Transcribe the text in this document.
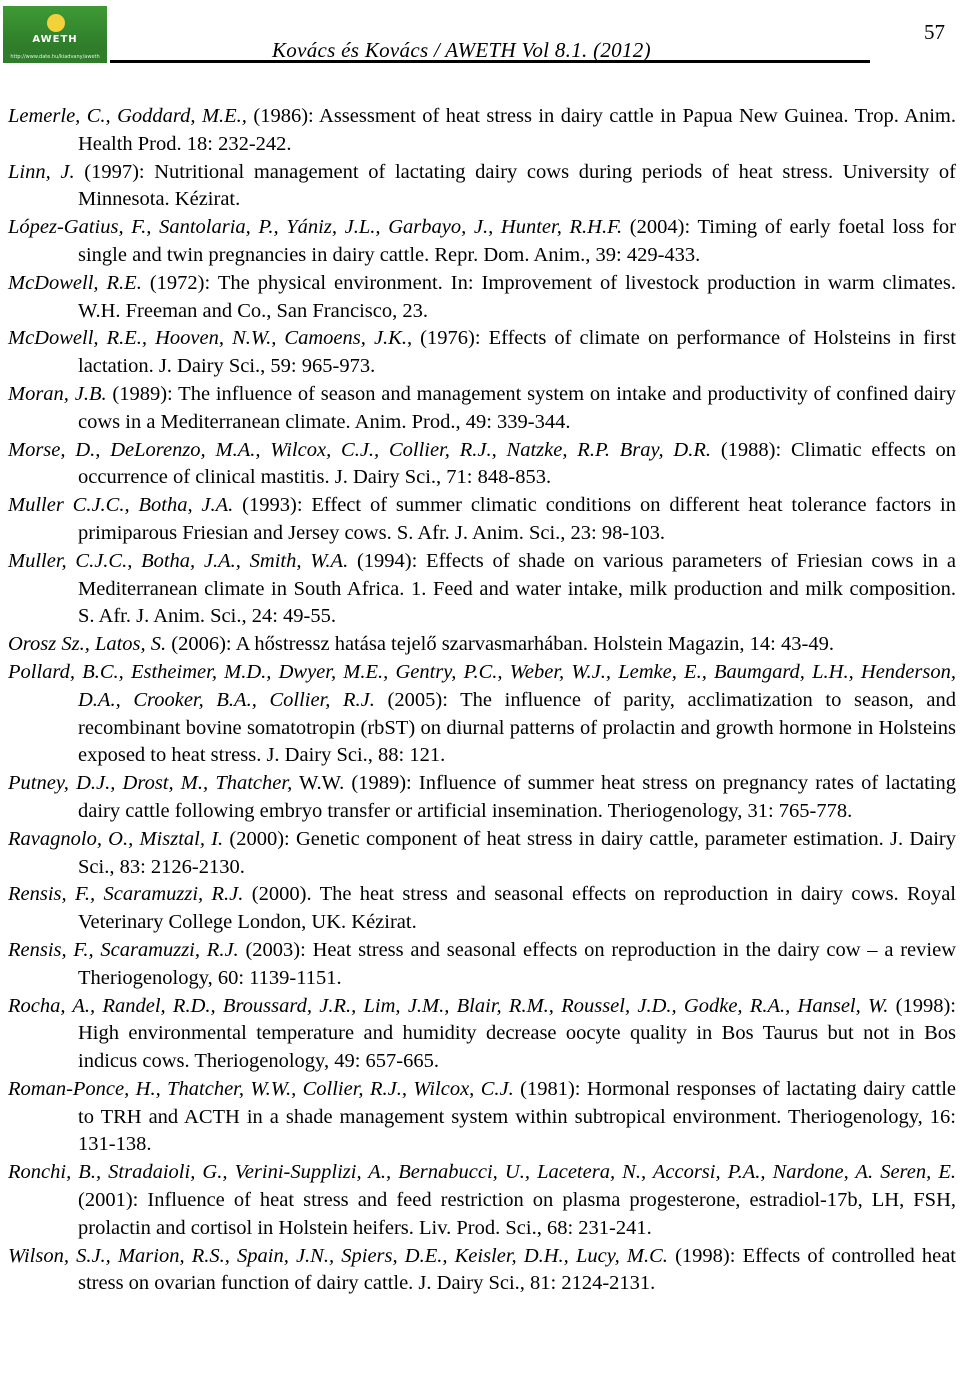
AWETH
http://www.date.hu/kiadvany/aweth	Kovács és Kovács / AWETH Vol 8.1. (2012)
57

Lemerle, C., Goddard, M.E., (1986): Assessment of heat stress in dairy cattle in Papua New Guinea. Trop. Anim. Health Prod. 18: 232-242.

Linn, J. (1997): Nutritional management of lactating dairy cows during periods of heat stress. University of Minnesota. Kézirat.

López-Gatius, F., Santolaria, P., Yániz, J.L., Garbayo, J., Hunter, R.H.F. (2004): Timing of early foetal loss for single and twin pregnancies in dairy cattle. Repr. Dom. Anim., 39: 429-433.

McDowell, R.E. (1972): The physical environment. In: Improvement of livestock production in warm climates. W.H. Freeman and Co., San Francisco, 23.

McDowell, R.E., Hooven, N.W., Camoens, J.K., (1976): Effects of climate on performance of Holsteins in first lactation. J. Dairy Sci., 59: 965-973.

Moran, J.B. (1989): The influence of season and management system on intake and productivity of confined dairy cows in a Mediterranean climate. Anim. Prod., 49: 339-344.

Morse, D., DeLorenzo, M.A., Wilcox, C.J., Collier, R.J., Natzke, R.P. Bray, D.R. (1988): Climatic effects on occurrence of clinical mastitis. J. Dairy Sci., 71: 848-853.

Muller C.J.C., Botha, J.A. (1993): Effect of summer climatic conditions on different heat tolerance factors in primiparous Friesian and Jersey cows. S. Afr. J. Anim. Sci., 23: 98-103.

Muller, C.J.C., Botha, J.A., Smith, W.A. (1994): Effects of shade on various parameters of Friesian cows in a Mediterranean climate in South Africa. 1. Feed and water intake, milk production and milk composition. S. Afr. J. Anim. Sci., 24: 49-55.

Orosz Sz., Latos, S. (2006): A hőstressz hatása tejelő szarvasmarhában. Holstein Magazin, 14: 43-49.

Pollard, B.C., Estheimer, M.D., Dwyer, M.E., Gentry, P.C., Weber, W.J., Lemke, E., Baumgard, L.H., Henderson, D.A., Crooker, B.A., Collier, R.J. (2005): The influence of parity, acclimatization to season, and recombinant bovine somatotropin (rbST) on diurnal patterns of prolactin and growth hormone in Holsteins exposed to heat stress. J. Dairy Sci., 88: 121.

Putney, D.J., Drost, M., Thatcher, W.W. (1989): Influence of summer heat stress on pregnancy rates of lactating dairy cattle following embryo transfer or artificial insemination. Theriogenology, 31: 765-778.

Ravagnolo, O., Misztal, I. (2000): Genetic component of heat stress in dairy cattle, parameter estimation. J. Dairy Sci., 83: 2126-2130.

Rensis, F., Scaramuzzi, R.J. (2000). The heat stress and seasonal effects on reproduction in dairy cows. Royal Veterinary College London, UK. Kézirat.

Rensis, F., Scaramuzzi, R.J. (2003): Heat stress and seasonal effects on reproduction in the dairy cow – a review Theriogenology, 60: 1139-1151.

Rocha, A., Randel, R.D., Broussard, J.R., Lim, J.M., Blair, R.M., Roussel, J.D., Godke, R.A., Hansel, W. (1998): High environmental temperature and humidity decrease oocyte quality in Bos Taurus but not in Bos indicus cows. Theriogenology, 49: 657-665.

Roman-Ponce, H., Thatcher, W.W., Collier, R.J., Wilcox, C.J. (1981): Hormonal responses of lactating dairy cattle to TRH and ACTH in a shade management system within subtropical environment. Theriogenology, 16: 131-138.

Ronchi, B., Stradaioli, G., Verini-Supplizi, A., Bernabucci, U., Lacetera, N., Accorsi, P.A., Nardone, A. Seren, E. (2001): Influence of heat stress and feed restriction on plasma progesterone, estradiol-17b, LH, FSH, prolactin and cortisol in Holstein heifers. Liv. Prod. Sci., 68: 231-241.

Wilson, S.J., Marion, R.S., Spain, J.N., Spiers, D.E., Keisler, D.H., Lucy, M.C. (1998): Effects of controlled heat stress on ovarian function of dairy cattle. J. Dairy Sci., 81: 2124-2131.
